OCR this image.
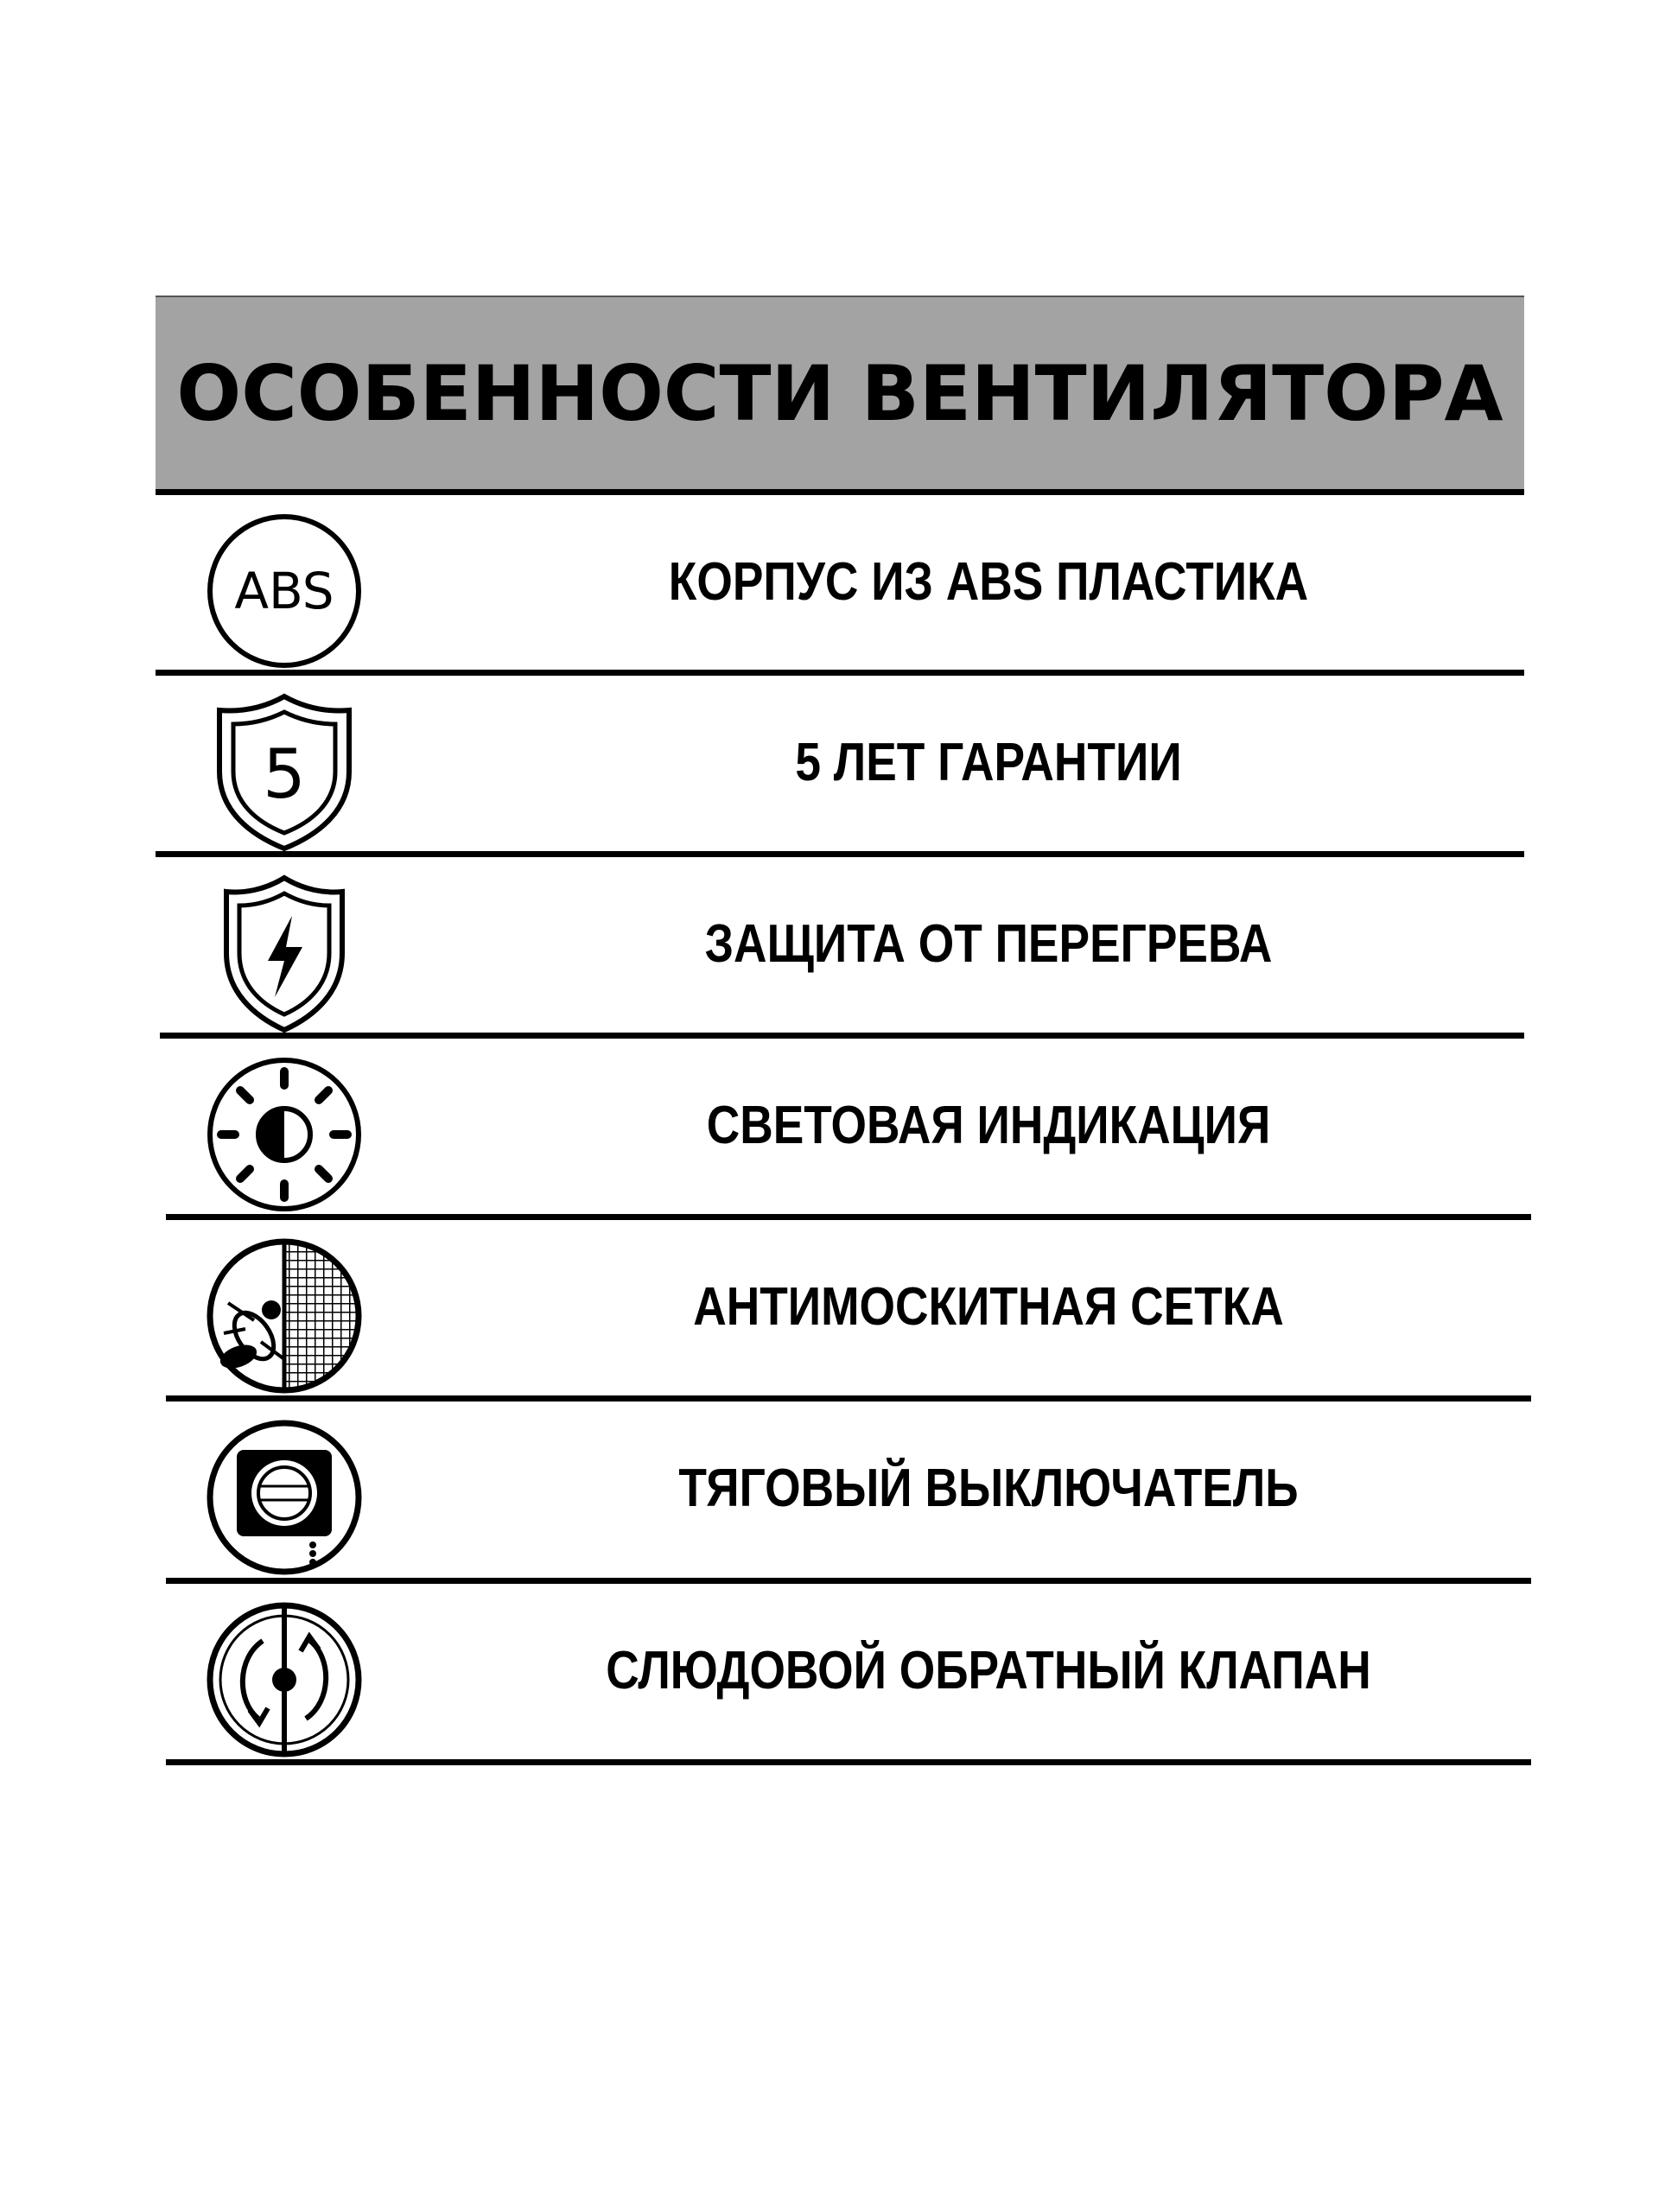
ОСОБЕННОСТИ ВЕНТИЛЯТОРА
ABS	КОРПУС ИЗ ABS ПЛАСТИКА
5	5 ЛЕТ ГАРАНТИИ
ЗАЩИТА ОТ ПЕРЕГРЕВА
СВЕТОВАЯ ИНДИКАЦИЯ
АНТИМОСКИТНАЯ СЕТКА
ТЯГОВЫЙ ВЫКЛЮЧАТЕЛЬ
СЛЮДОВОЙ ОБРАТНЫЙ КЛАПАН
